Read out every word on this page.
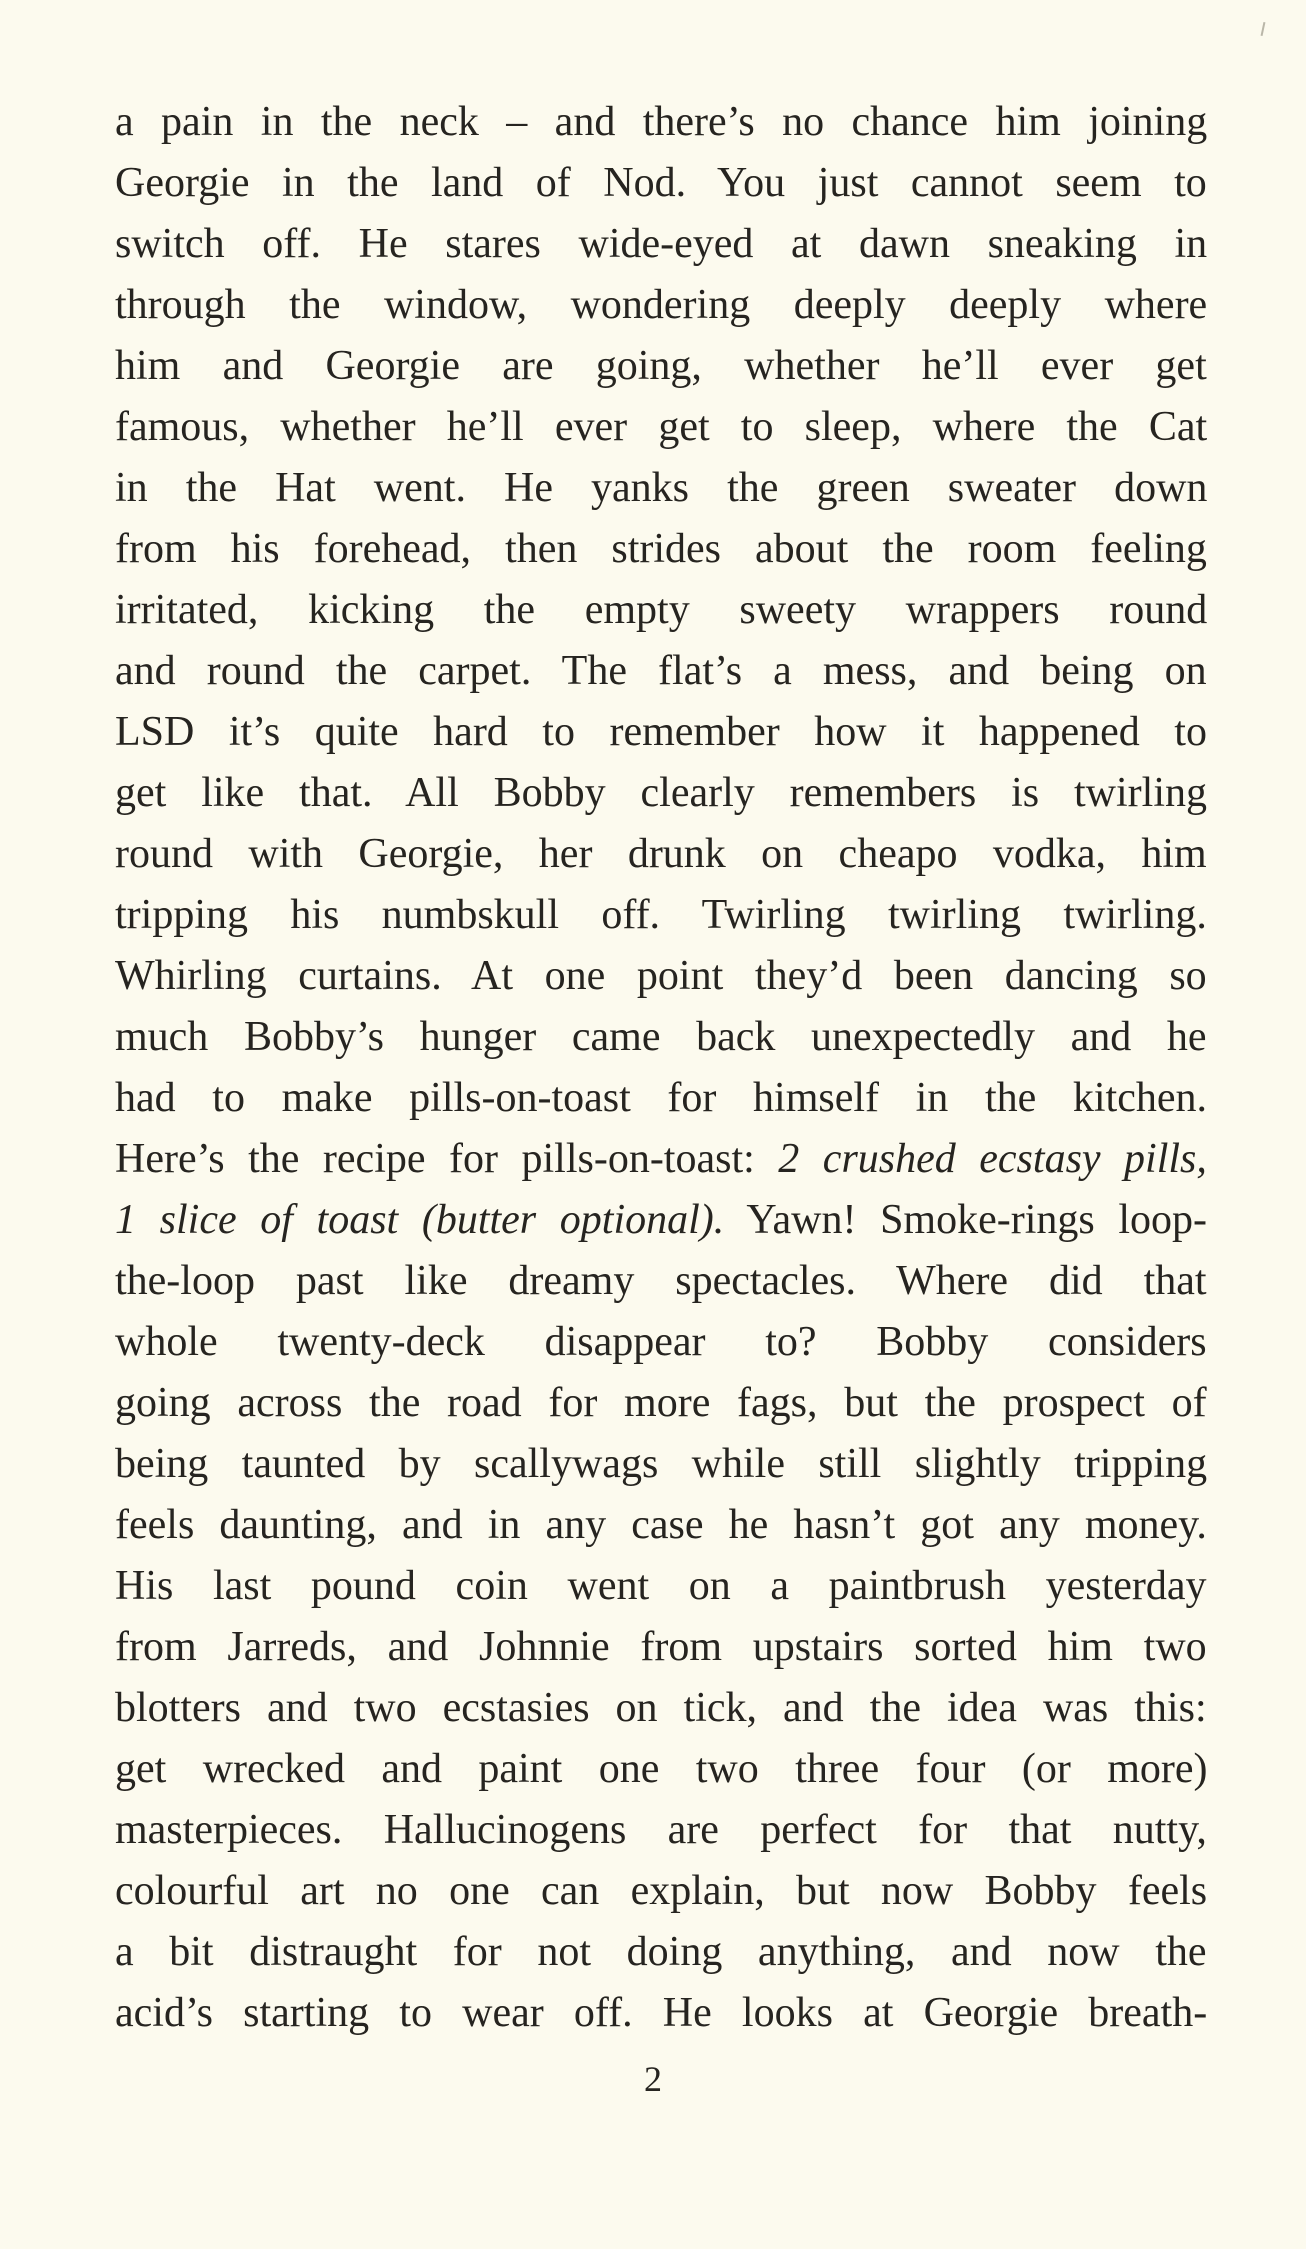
a pain in the neck – and there’s no chance him joining
Georgie in the land of Nod. You just cannot seem to
switch off. He stares wide-eyed at dawn sneaking in
through the window, wondering deeply deeply where
him and Georgie are going, whether he’ll ever get
famous, whether he’ll ever get to sleep, where the Cat
in the Hat went. He yanks the green sweater down
from his forehead, then strides about the room feeling
irritated, kicking the empty sweety wrappers round
and round the carpet. The flat’s a mess, and being on
LSD it’s quite hard to remember how it happened to
get like that. All Bobby clearly remembers is twirling
round with Georgie, her drunk on cheapo vodka, him
tripping his numbskull off. Twirling twirling twirling.
Whirling curtains. At one point they’d been dancing so
much Bobby’s hunger came back unexpectedly and he
had to make pills-on-toast for himself in the kitchen.
Here’s the recipe for pills-on-toast: 2 crushed ecstasy pills,
1 slice of toast (butter optional). Yawn! Smoke-rings loop-
the-loop past like dreamy spectacles. Where did that
whole twenty-deck disappear to? Bobby considers
going across the road for more fags, but the prospect of
being taunted by scallywags while still slightly tripping
feels daunting, and in any case he hasn’t got any money.
His last pound coin went on a paintbrush yesterday
from Jarreds, and Johnnie from upstairs sorted him two
blotters and two ecstasies on tick, and the idea was this:
get wrecked and paint one two three four (or more)
masterpieces. Hallucinogens are perfect for that nutty,
colourful art no one can explain, but now Bobby feels
a bit distraught for not doing anything, and now the
acid’s starting to wear off. He looks at Georgie breath-
2
